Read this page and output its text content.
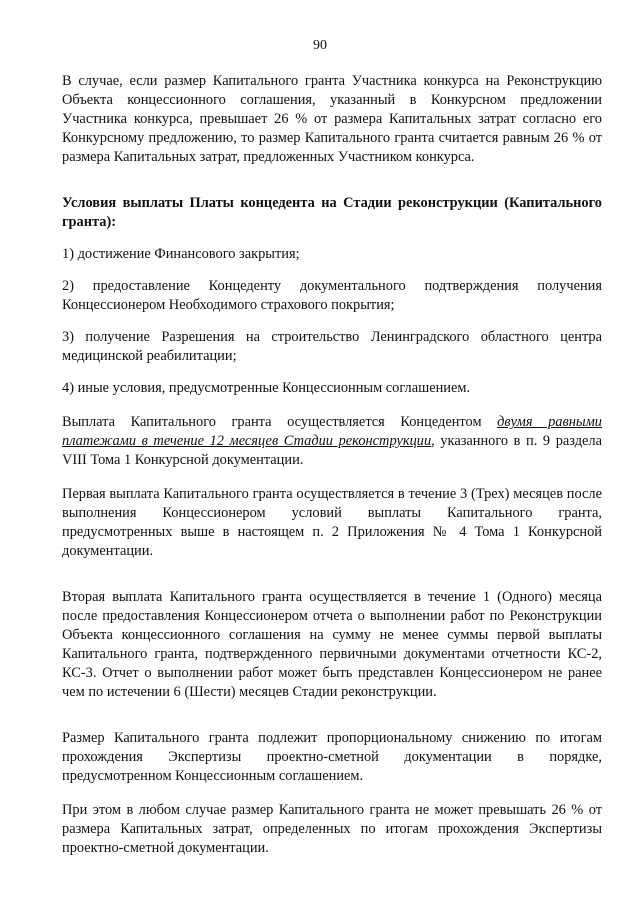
90

В случае, если размер Капитального гранта Участника конкурса на Реконструкцию Объекта концессионного соглашения, указанный в Конкурсном предложении Участника конкурса, превышает 26 % от размера Капитальных затрат согласно его Конкурсному предложению, то размер Капитального гранта считается равным 26 % от размера Капитальных затрат, предложенных Участником конкурса.

Условия выплаты Платы концедента на Стадии реконструкции (Капитального гранта):

1) достижение Финансового закрытия;

2) предоставление Концеденту документального подтверждения получения Концессионером Необходимого страхового покрытия;

3) получение Разрешения на строительство Ленинградского областного центра медицинской реабилитации;

4) иные условия, предусмотренные Концессионным соглашением.

Выплата Капитального гранта осуществляется Концедентом двумя равными платежами в течение 12 месяцев Стадии реконструкции, указанного в п. 9 раздела VIII Тома 1 Конкурсной документации.

Первая выплата Капитального гранта осуществляется в течение 3 (Трех) месяцев после выполнения Концессионером условий выплаты Капитального гранта, предусмотренных выше в настоящем п. 2 Приложения № 4 Тома 1 Конкурсной документации.

Вторая выплата Капитального гранта осуществляется в течение 1 (Одного) месяца после предоставления Концессионером отчета о выполнении работ по Реконструкции Объекта концессионного соглашения на сумму не менее суммы первой выплаты Капитального гранта, подтвержденного первичными документами отчетности КС-2, КС-3. Отчет о выполнении работ может быть представлен Концессионером не ранее чем по истечении 6 (Шести) месяцев Стадии реконструкции.

Размер Капитального гранта подлежит пропорциональному снижению по итогам прохождения Экспертизы проектно-сметной документации в порядке, предусмотренном Концессионным соглашением.

При этом в любом случае размер Капитального гранта не может превышать 26 % от размера Капитальных затрат, определенных по итогам прохождения Экспертизы проектно-сметной документации.
